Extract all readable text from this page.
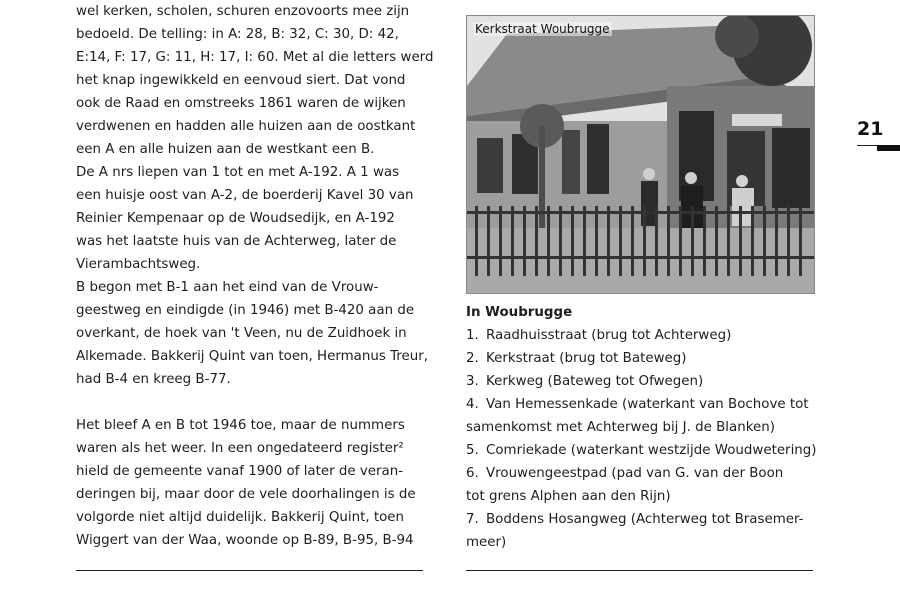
wel kerken, scholen, schuren enzovoorts mee zijn
bedoeld. De telling: in A: 28, B: 32, C: 30, D: 42,
E:14, F: 17, G: 11, H: 17, I: 60. Met al die letters werd
het knap ingewikkeld en eenvoud siert. Dat vond
ook de Raad en omstreeks 1861 waren de wijken
verdwenen en hadden alle huizen aan de oostkant
een A en alle huizen aan de westkant een B.
De A nrs liepen van 1 tot en met A-192. A 1 was
een huisje oost van A-2, de boerderij Kavel 30 van
Reinier Kempenaar op de Woudsedijk, en A-192
was het laatste huis van de Achterweg, later de
Vierambachtsweg.
B begon met B-1 aan het eind van de Vrouw-
geestweg en eindigde (in 1946) met B-420 aan de
overkant, de hoek van 't Veen, nu de Zuidhoek in
Alkemade. Bakkerij Quint van toen, Hermanus Treur,
had B-4 en kreeg B-77.
Het bleef A en B tot 1946 toe, maar de nummers
waren als het weer. In een ongedateerd register²
hield de gemeente vanaf 1900 of later de veran-
deringen bij, maar door de vele doorhalingen is de
volgorde niet altijd duidelijk. Bakkerij Quint, toen
Wiggert van der Waa, woonde op B-89, B-95, B-94
Kerkstraat Woubrugge
In Woubrugge
1. Raadhuisstraat (brug tot Achterweg)
2. Kerkstraat (brug tot Bateweg)
3. Kerkweg (Bateweg tot Ofwegen)
4. Van Hemessenkade (waterkant van Bochove tot
samenkomst met Achterweg bij J. de Blanken)
5. Comriekade (waterkant westzijde Woudwetering)
6. Vrouwengeestpad (pad van G. van der Boon
tot grens Alphen aan den Rijn)
7. Boddens Hosangweg (Achterweg tot Brasemer-
meer)
21
